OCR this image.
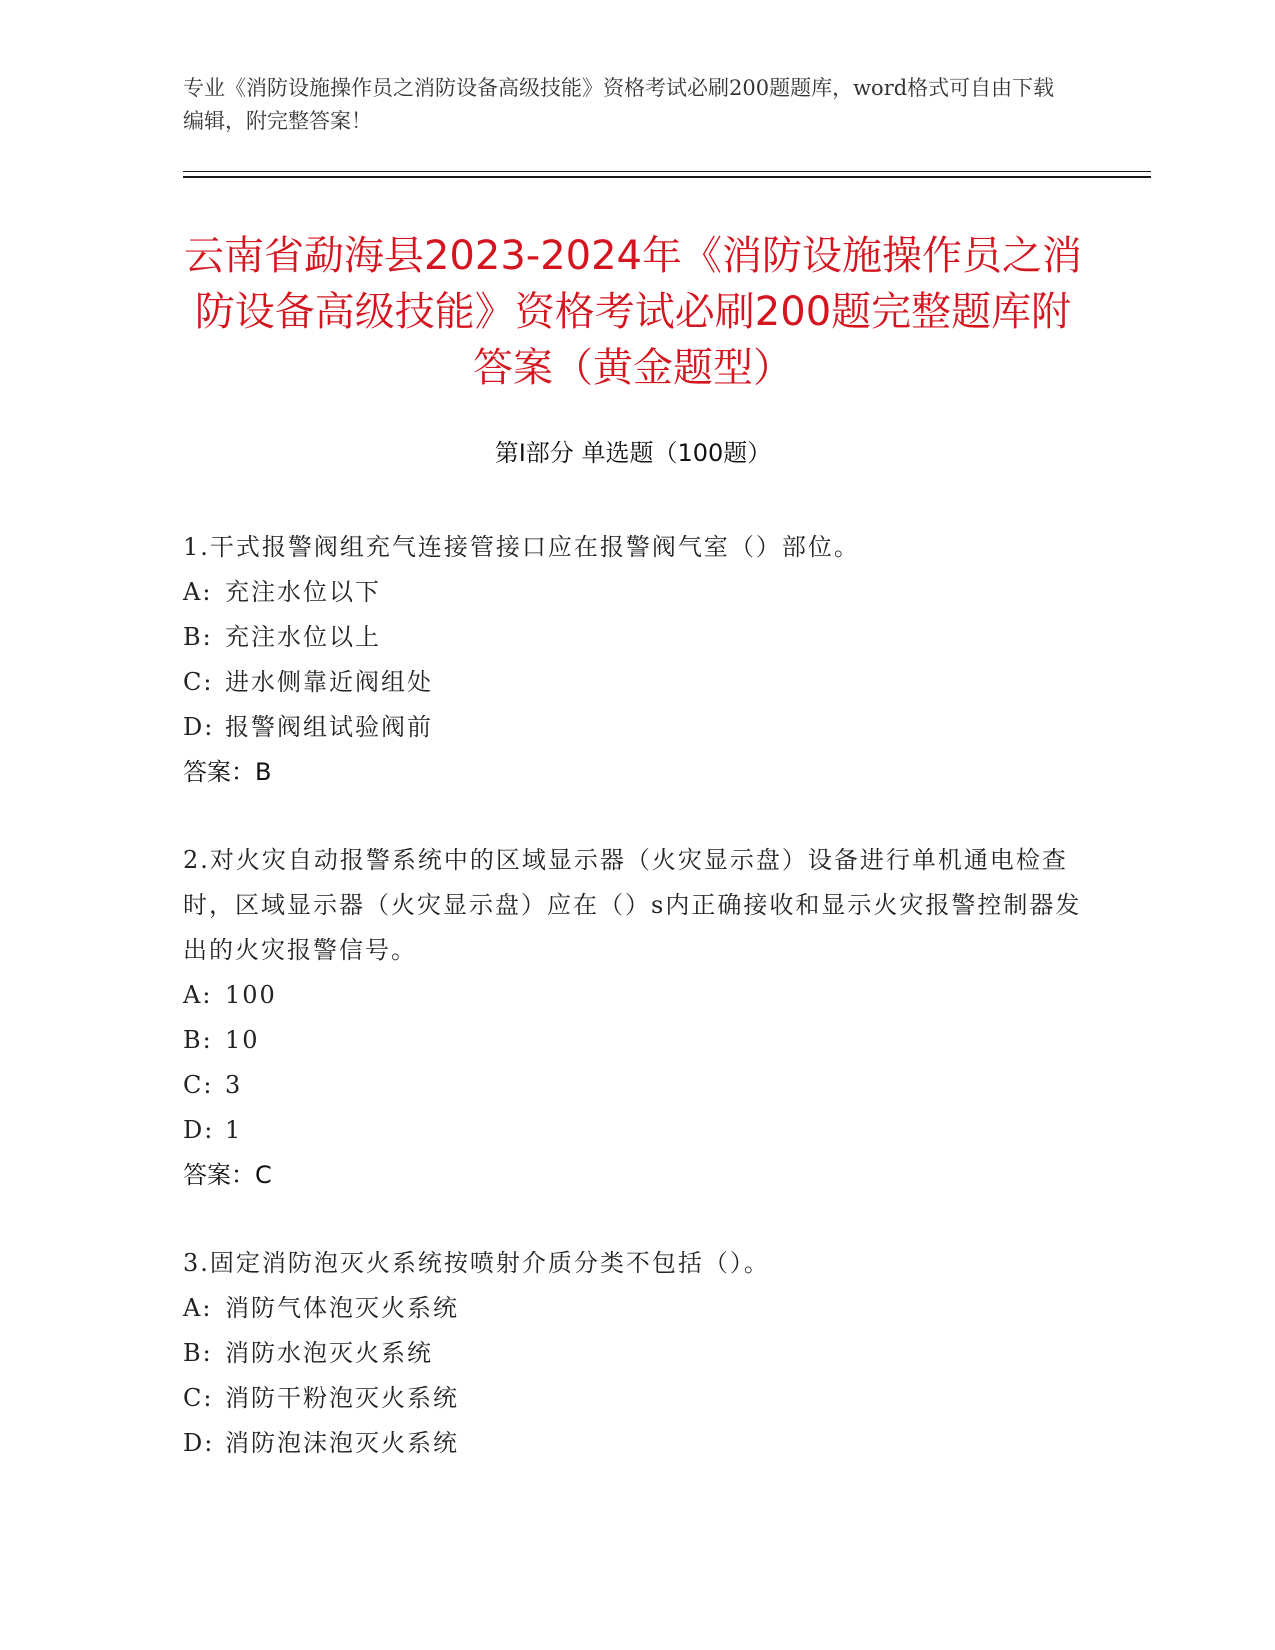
专业《消防设施操作员之消防设备高级技能》资格考试必刷200题题库，word格式可自由下载编辑，附完整答案！
云南省勐海县2023-2024年《消防设施操作员之消防设备高级技能》资格考试必刷200题完整题库附答案（黄金题型）
第I部分 单选题（100题）
1.干式报警阀组充气连接管接口应在报警阀气室（）部位。
A: 充注水位以下
B: 充注水位以上
C: 进水侧靠近阀组处
D: 报警阀组试验阀前
答案：B
2.对火灾自动报警系统中的区域显示器（火灾显示盘）设备进行单机通电检查时，区域显示器（火灾显示盘）应在（）s内正确接收和显示火灾报警控制器发出的火灾报警信号。
A: 100
B: 10
C: 3
D: 1
答案：C
3.固定消防泡灭火系统按喷射介质分类不包括（）。
A: 消防气体泡灭火系统
B: 消防水泡灭火系统
C: 消防干粉泡灭火系统
D: 消防泡沫泡灭火系统
